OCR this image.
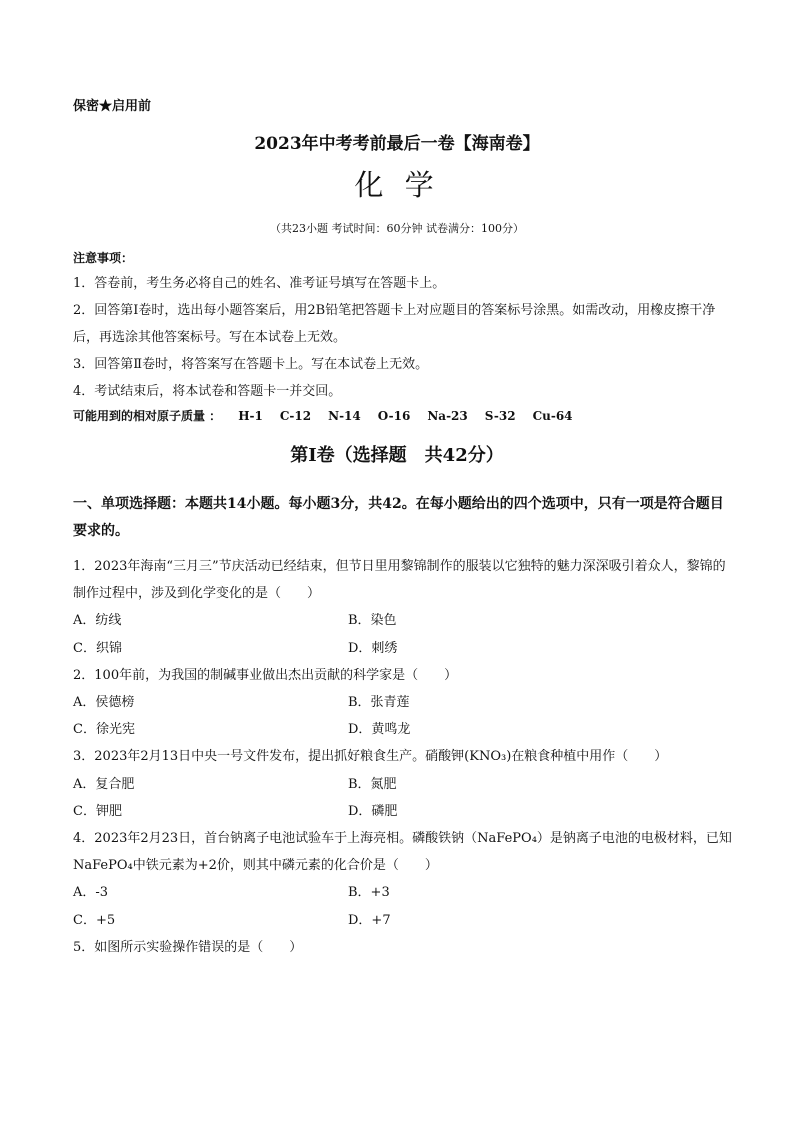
保密★启用前
2023年中考考前最后一卷【海南卷】
化 学
（共23小题 考试时间：60分钟 试卷满分：100分）
注意事项：

1．答卷前，考生务必将自己的姓名、准考证号填写在答题卡上。

2．回答第Ⅰ卷时，选出每小题答案后，用2B铅笔把答题卡上对应题目的答案标号涂黑。如需改动，用橡皮擦干净后，再选涂其他答案标号。写在本试卷上无效。

3．回答第Ⅱ卷时，将答案写在答题卡上。写在本试卷上无效。

4．考试结束后，将本试卷和答题卡一并交回。

可能用到的相对原子质量 ： H-1 C-12 N-14 O-16 Na-23 S-32 Cu-64
第Ⅰ卷（选择题　共42分）
一、单项选择题：本题共14小题。每小题3分，共42。在每小题给出的四个选项中，只有一项是符合题目要求的。

1．2023年海南“三月三”节庆活动已经结束，但节日里用黎锦制作的服装以它独特的魅力深深吸引着众人，黎锦的制作过程中，涉及到化学变化的是（　　）

A．纺线	B．染色

C．织锦	D．刺绣

2．100年前，为我国的制碱事业做出杰出贡献的科学家是（　　）

A．侯德榜	B．张青莲

C．徐光宪	D．黄鸣龙

3．2023年2月13日中央一号文件发布，提出抓好粮食生产。硝酸钾(KNO₃)在粮食种植中用作（　　）

A．复合肥	B．氮肥

C．钾肥	D．磷肥

4．2023年2月23日，首台钠离子电池试验车于上海亮相。磷酸铁钠（NaFePO₄）是钠离子电池的电极材料，已知NaFePO₄中铁元素为+2价，则其中磷元素的化合价是（　　）

A．-3	B．+3

C．+5	D．+7

5．如图所示实验操作错误的是（　　）
